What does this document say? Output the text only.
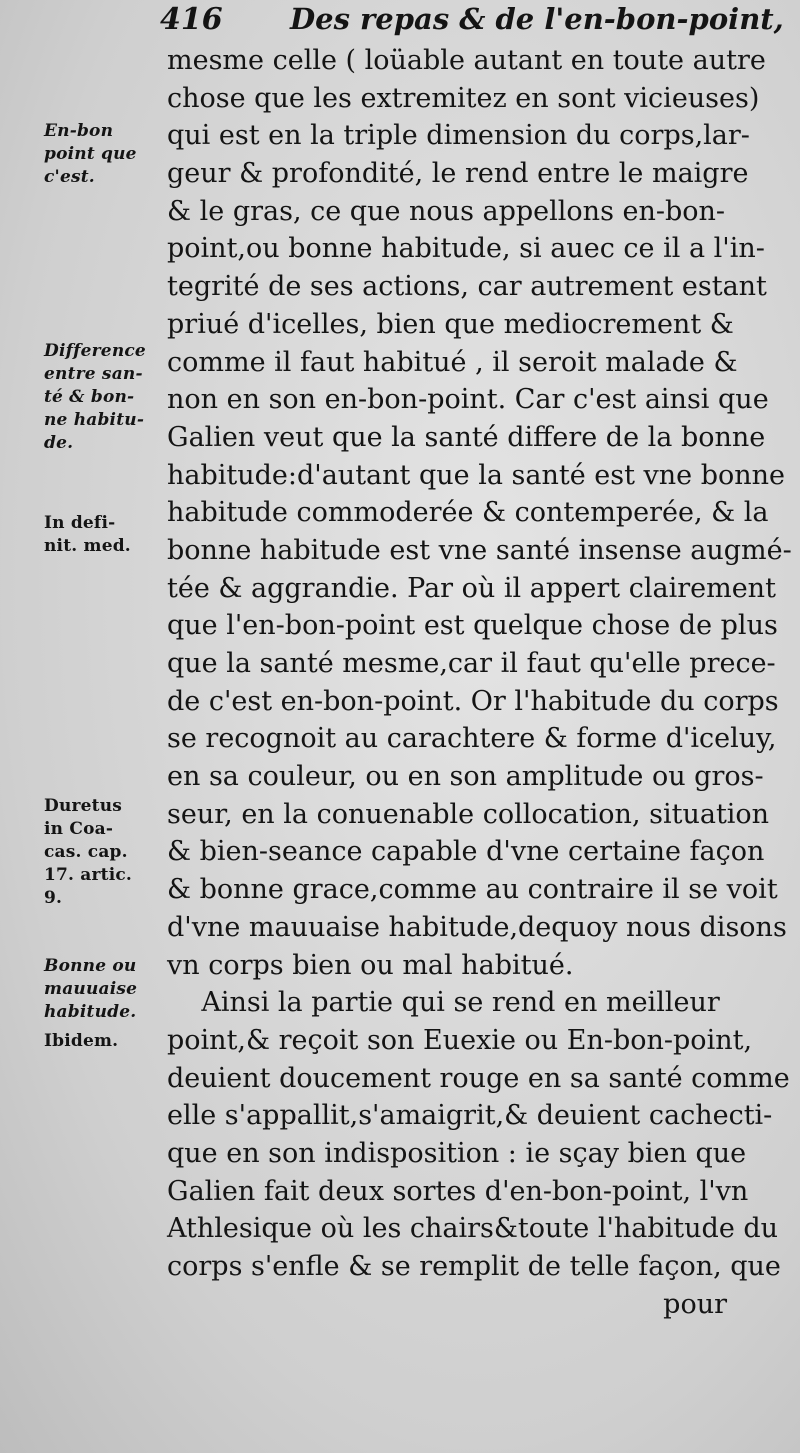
416 Des repas & de l'en-bon-point,
mesme celle ( loüable autant en toute autre
chose que les extremitez en sont vicieuses)
qui est en la triple dimension du corps,lar-
geur & profondité, le rend entre le maigre
& le gras, ce que nous appellons en-bon-
point,ou bonne habitude, si auec ce il a l'in-
tegrité de ses actions, car autrement estant
priué d'icelles, bien que mediocrement &
comme il faut habitué , il seroit malade &
non en son en-bon-point. Car c'est ainsi que
Galien veut que la santé differe de la bonne
habitude:d'autant que la santé est vne bonne
habitude commoderée & contemperée, & la
bonne habitude est vne santé insense augmé-
tée & aggrandie. Par où il appert clairement
que l'en-bon-point est quelque chose de plus
que la santé mesme,car il faut qu'elle prece-
de c'est en-bon-point. Or l'habitude du corps
se recognoit au carachtere & forme d'iceluy,
en sa couleur, ou en son amplitude ou gros-
seur, en la conuenable collocation, situation
& bien-seance capable d'vne certaine façon
& bonne grace,comme au contraire il se voit
d'vne mauuaise habitude,dequoy nous disons
vn corps bien ou mal habitué.
Ainsi la partie qui se rend en meilleur
point,& reçoit son Euexie ou En-bon-point,
deuient doucement rouge en sa santé comme
elle s'appallit,s'amaigrit,& deuient cachecti-
que en son indisposition : ie sçay bien que
Galien fait deux sortes d'en-bon-point, l'vn
Athlesique où les chairs&toute l'habitude du
corps s'enfle & se remplit de telle façon, que
pour
En-bon
point que
c'est.
Difference
entre san-
té & bon-
ne habitu-
de.
In defi-
nit. med.
Duretus
in Coa-
cas. cap.
17. artic.
9.
Bonne ou
mauuaise
habitude.
Ibidem.
